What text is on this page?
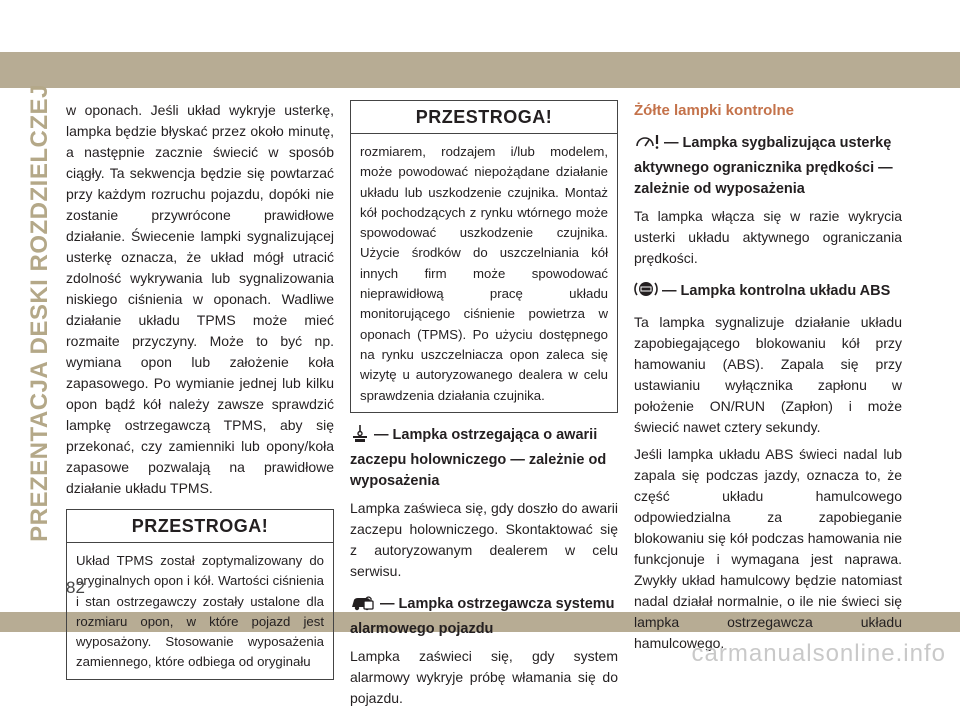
PREZENTACJA DESKI ROZDZIELCZEJ w oponach. Jeśli układ wykryje usterkę, lampka będzie błyskać przez około minutę, a następnie zacznie świecić w sposób ciągły. Ta sekwencja będzie się powtarzać przy każdym rozruchu pojazdu, dopóki nie zostanie przywrócone prawidłowe działanie. Świecenie lampki sygnalizującej usterkę oznacza, że układ mógł utracić zdolność wykrywania lub sygnalizowania niskiego ciśnienia w oponach. Wadliwe działanie układu TPMS może mieć rozmaite przyczyny. Może to być np. wymiana opon lub założenie koła zapasowego. Po wymianie jednej lub kilku opon bądź kół należy zawsze sprawdzić lampkę ostrzegawczą TPMS, aby się przekonać, czy zamienniki lub opony/koła zapasowe pozwalają na prawidłowe działanie układu TPMS.

PRZESTROGA!
Układ TPMS został zoptymalizowany do oryginalnych opon i kół. Wartości ciśnienia i stan ostrzegawczy zostały ustalone dla rozmiaru opon, w które pojazd jest wyposażony. Stosowanie wyposażenia zamiennego, które odbiega od oryginału
PRZESTROGA!
rozmiarem, rodzajem i/lub modelem, może powodować niepożądane działanie układu lub uszkodzenie czujnika. Montaż kół pochodzących z rynku wtórnego może spowodować uszkodzenie czujnika. Użycie środków do uszczelniania kół innych firm może spowodować nieprawidłową pracę układu monitorującego ciśnienie powietrza w oponach (TPMS). Po użyciu dostępnego na rynku uszczelniacza opon zaleca się wizytę u autoryzowanego dealera w celu sprawdzenia działania czujnika.
— Lampka ostrzegająca o awarii zaczepu holowniczego — zależnie od wyposażenia

Lampka zaświeca się, gdy doszło do awarii zaczepu holowniczego. Skontaktować się z autoryzowanym dealerem w celu serwisu.

— Lampka ostrzegawcza systemu alarmowego pojazdu

Lampka zaświeci się, gdy system alarmowy wykryje próbę włamania się do pojazdu.

Żółte lampki kontrolne
— Lampka sygbalizująca usterkę aktywnego ogranicznika prędkości — zależnie od wyposażenia

Ta lampka włącza się w razie wykrycia usterki układu aktywnego ograniczania prędkości.

— Lampka kontrolna układu ABS

Ta lampka sygnalizuje działanie układu zapobiegającego blokowaniu kół przy hamowaniu (ABS). Zapala się przy ustawianiu wyłącznika zapłonu w położenie ON/RUN (Zapłon) i może świecić nawet cztery sekundy.

Jeśli lampka układu ABS świeci nadal lub zapala się podczas jazdy, oznacza to, że część układu hamulcowego odpowiedzialna za zapobieganie blokowaniu się kół podczas hamowania nie funkcjonuje i wymagana jest naprawa. Zwykły układ hamulcowy będzie natomiast nadal działał normalnie, o ile nie świeci się lampka ostrzegawcza układu hamulcowego.

82
carmanualsonline.info
